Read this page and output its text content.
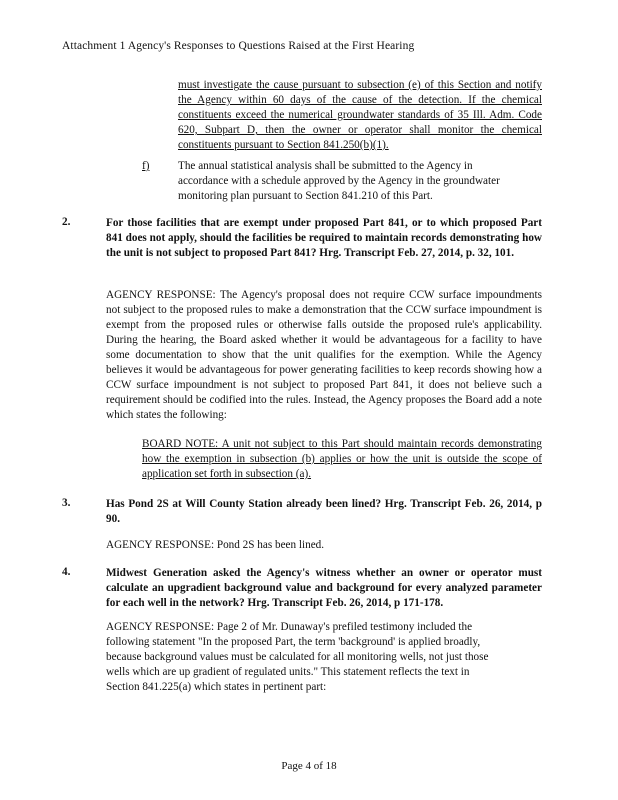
Attachment 1 Agency's Responses to Questions Raised at the First Hearing
must investigate the cause pursuant to subsection (e) of this Section and notify the Agency within 60 days of the cause of the detection. If the chemical constituents exceed the numerical groundwater standards of 35 Ill. Adm. Code 620, Subpart D, then the owner or operator shall monitor the chemical constituents pursuant to Section 841.250(b)(1).
f)	The annual statistical analysis shall be submitted to the Agency in accordance with a schedule approved by the Agency in the groundwater monitoring plan pursuant to Section 841.210 of this Part.
2.	For those facilities that are exempt under proposed Part 841, or to which proposed Part 841 does not apply, should the facilities be required to maintain records demonstrating how the unit is not subject to proposed Part 841? Hrg. Transcript Feb. 27, 2014, p. 32, 101.
AGENCY RESPONSE: The Agency's proposal does not require CCW surface impoundments not subject to the proposed rules to make a demonstration that the CCW surface impoundment is exempt from the proposed rules or otherwise falls outside the proposed rule's applicability. During the hearing, the Board asked whether it would be advantageous for a facility to have some documentation to show that the unit qualifies for the exemption. While the Agency believes it would be advantageous for power generating facilities to keep records showing how a CCW surface impoundment is not subject to proposed Part 841, it does not believe such a requirement should be codified into the rules. Instead, the Agency proposes the Board add a note which states the following:
BOARD NOTE: A unit not subject to this Part should maintain records demonstrating how the exemption in subsection (b) applies or how the unit is outside the scope of application set forth in subsection (a).
3.	Has Pond 2S at Will County Station already been lined? Hrg. Transcript Feb. 26, 2014, p 90.
AGENCY RESPONSE: Pond 2S has been lined.
4.	Midwest Generation asked the Agency's witness whether an owner or operator must calculate an upgradient background value and background for every analyzed parameter for each well in the network? Hrg. Transcript Feb. 26, 2014, p 171-178.
AGENCY RESPONSE: Page 2 of Mr. Dunaway's prefiled testimony included the
following statement "In the proposed Part, the term 'background' is applied broadly,
because background values must be calculated for all monitoring wells, not just those
wells which are up gradient of regulated units." This statement reflects the text in
Section 841.225(a) which states in pertinent part:
Page 4 of 18
